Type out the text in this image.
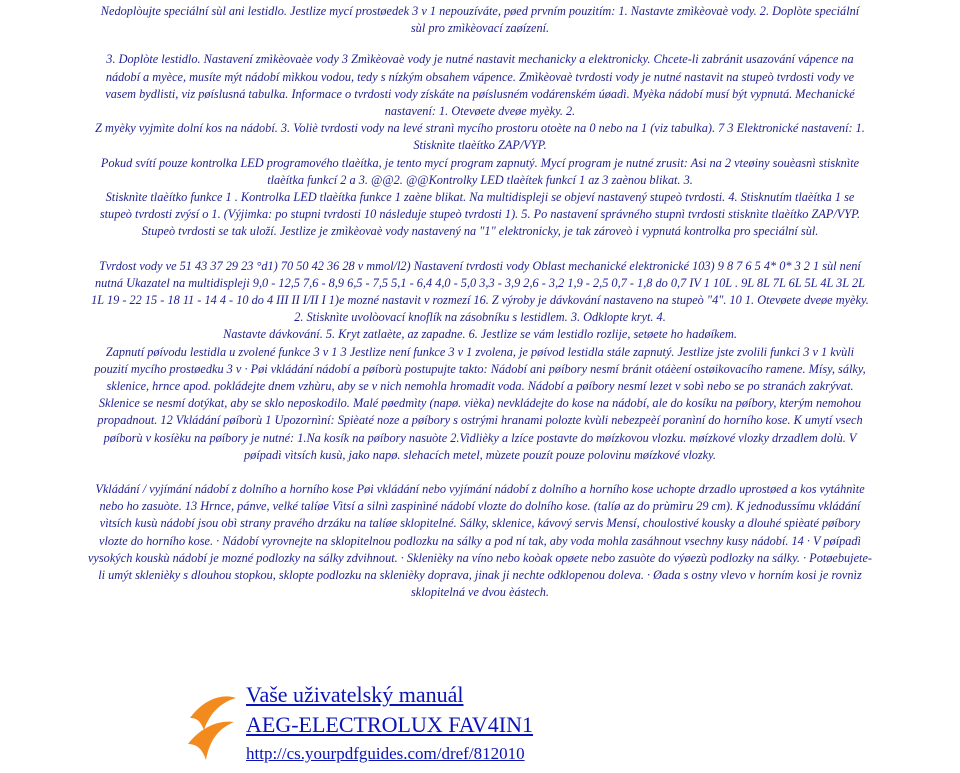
Nedoplòujte speciální sùl ani lestidlo. Jestlize mycí prostøedek 3 v 1 nepouzíváte, pøed prvním pouzitím: 1. Nastavte zmìkèovaè vody. 2. Doplòte speciální
sùl pro zmìkèovací zaøízení.
3. Doplòte lestidlo. Nastavení zmìkèovaèe vody 3 Zmìkèovaè vody je nutné nastavit mechanicky a elektronicky. Chcete-li zabránit usazování vápence na
nádobí a myèce, musíte mýt nádobí mìkkou vodou, tedy s nízkým obsahem vápence. Zmìkèovaè tvrdosti vody je nutné nastavit na stupeò tvrdosti vody ve
vasem bydlisti, viz pøíslusná tabulka. Informace o tvrdosti vody získáte na pøíslusném vodárenském úøadì. Myèka nádobí musí být vypnutá. Mechanické
nastavení: 1. Otevøete dveøe myèky. 2.
Z myèky vyjmìte dolní kos na nádobí. 3. Voliè tvrdosti vody na levé stranì mycího prostoru otoète na 0 nebo na 1 (viz tabulka). 7 3 Elektronické nastavení: 1.
Stisknìte tlaèítko ZAP/VYP.
Pokud svítí pouze kontrolka LED programového tlaèítka, je tento mycí program zapnutý. Mycí program je nutné zrusit: Asi na 2 vteøiny souèasnì stisknìte
tlaèítka funkcí 2 a 3. @@2. @@Kontrolky LED tlaèítek funkcí 1 az 3 zaènou blikat. 3.
Stisknìte tlaèítko funkce 1 . Kontrolka LED tlaèítka funkce 1 zaène blikat. Na multidispleji se objeví nastavený stupeò tvrdosti. 4. Stisknutím tlaèítka 1 se
stupeò tvrdosti zvýsí o 1. (Výjimka: po stupni tvrdosti 10 následuje stupeò tvrdosti 1). 5. Po nastavení správného stupnì tvrdosti stisknìte tlaèítko ZAP/VYP.
Stupeò tvrdosti se tak uloží. Jestlize je zmìkèovaè vody nastavený na "1" elektronicky, je tak zároveò i vypnutá kontrolka pro speciální sùl.
Tvrdost vody ve 51 43 37 29 23 °d1) 70 50 42 36 28 v mmol/l2) Nastavení tvrdosti vody Oblast mechanické elektronické 103) 9 8 7 6 5 4* 0* 3 2 1 sùl není
nutná Ukazatel na multidispleji 9,0 - 12,5 7,6 - 8,9 6,5 - 7,5 5,1 - 6,4 4,0 - 5,0 3,3 - 3,9 2,6 - 3,2 1,9 - 2,5 0,7 - 1,8 do 0,7 IV 1 10L . 9L 8L 7L 6L 5L 4L 3L 2L
1L 19 - 22 15 - 18 11 - 14 4 - 10 do 4 III II I/II I 1)e mozné nastavit v rozmezí 16. Z výroby je dávkování nastaveno na stupeò "4". 10 1. Otevøete dveøe myèky.
2. Stisknìte uvolòovací knoflík na zásobníku s lestidlem. 3. Odklopte kryt. 4.
Nastavte dávkování. 5. Kryt zatlaète, az zapadne. 6. Jestlize se vám lestidlo rozlije, setøete ho hadøíkem.
Zapnutí pøívodu lestidla u zvolené funkce 3 v 1 3 Jestlize není funkce 3 v 1 zvolena, je pøívod lestidla stále zapnutý. Jestlize jste zvolili funkci 3 v 1 kvùli
pouzití mycího prostøedku 3 v · Pøi vkládání nádobí a pøíborù postupujte takto: Nádobí ani pøíbory nesmí bránit otáèení ostøikovacího ramene. Mísy, sálky,
sklenice, hrnce apod. pokládejte dnem vzhùru, aby se v nich nemohla hromadit voda. Nádobí a pøíbory nesmí lezet v sobì nebo se po stranách zakrývat.
Sklenice se nesmí dotýkat, aby se sklo neposkodilo. Malé pøedmìty (napø. vièka) nevkládejte do kose na nádobí, ale do kosíku na pøíbory, kterým nemohou
propadnout. 12 Vkládání pøíborù 1 Upozornìní: Spièaté noze a pøíbory s ostrými hranami polozte kvùli nebezpeèí poranìní do horního kose. K umytí vsech
pøíborù v kosíèku na pøíbory je nutné: 1.Na kosík na pøíbory nasuòte 2.Vidlièky a lzíce postavte do møízkovou vlozku. møízkové vlozky drzadlem dolù. V
pøípadì vìtsích kusù, jako napø. slehacích metel, mùzete pouzít pouze polovinu møízkové vlozky.
Vkládání / vyjímání nádobí z dolního a horního kose Pøi vkládání nebo vyjímání nádobí z dolního a horního kose uchopte drzadlo uprostøed a kos vytáhnìte
nebo ho zasuòte. 13 Hrnce, pánve, velké talíøe Vìtsí a silnì zaspinìné nádobí vlozte do dolního kose. (talíø az do prùmìru 29 cm). K jednodussímu vkládání
vìtsích kusù nádobí jsou obì strany pravého drzáku na talíøe sklopitelné. Sálky, sklenice, kávový servis Mensí, choulostivé kousky a dlouhé spièaté pøíbory
vlozte do horního kose. · Nádobí vyrovnejte na sklopitelnou podlozku na sálky a pod ní tak, aby voda mohla zasáhnout vsechny kusy nádobí. 14 · V pøípadì
vysokých kouskù nádobí je mozné podlozky na sálky zdvihnout. · Sklenièky na víno nebo koòak opøete nebo zasuòte do výøezù podlozky na sálky. · Potøebujete-
li umýt sklenièky s dlouhou stopkou, sklopte podlozku na sklenièky doprava, jinak ji nechte odklopenou doleva. · Øada s ostny vlevo v horním kosi je rovnìz
sklopitelná ve dvou èástech.
Vaše uživatelský manuál
AEG-ELECTROLUX FAV4IN1
http://cs.yourpdfguides.com/dref/812010
